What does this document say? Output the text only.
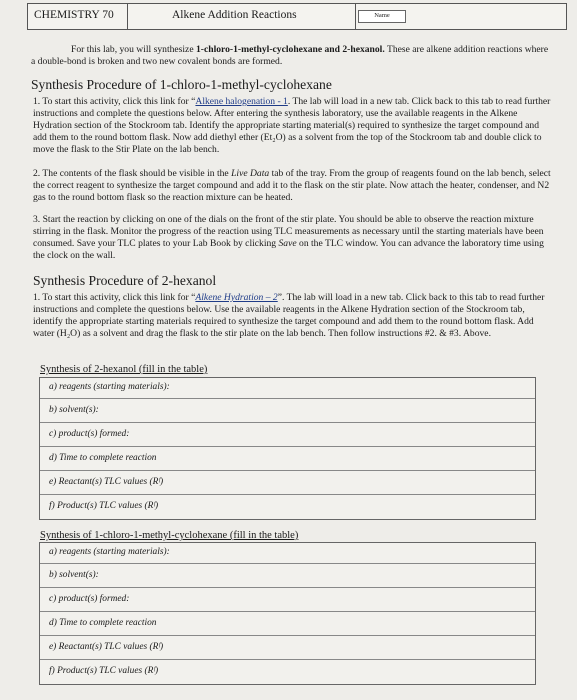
CHEMISTRY 70	Alkene Addition Reactions	Name

For this lab, you will synthesize 1-chloro-1-methyl-cyclohexane and 2-hexanol. These are alkene addition reactions where a double-bond is broken and two new covalent bonds are formed.

Synthesis Procedure of 1-chloro-1-methyl-cyclohexane
1. To start this activity, click this link for “Alkene halogenation - 1. The lab will load in a new tab. Click back to this tab to read further instructions and complete the questions below. After entering the synthesis laboratory, use the available reagents in the Alkene Hydration section of the Stockroom tab. Identify the appropriate starting material(s) required to synthesize the target compound and add them to the round bottom flask. Now add diethyl ether (Et₂O) as a solvent from the top of the Stockroom tab and double click to move the flask to the Stir Plate on the lab bench.
2. The contents of the flask should be visible in the Live Data tab of the tray. From the group of reagents found on the lab bench, select the correct reagent to synthesize the target compound and add it to the flask on the stir plate. Now attach the heater, condenser, and N2 gas to the round bottom flask so the reaction mixture can be heated.
3. Start the reaction by clicking on one of the dials on the front of the stir plate. You should be able to observe the reaction mixture stirring in the flask. Monitor the progress of the reaction using TLC measurements as necessary until the starting materials have been consumed. Save your TLC plates to your Lab Book by clicking Save on the TLC window. You can advance the laboratory time using the clock on the wall.
Synthesis Procedure of 2-hexanol
1. To start this activity, click this link for “Alkene Hydration – 2”. The lab will load in a new tab. Click back to this tab to read further instructions and complete the questions below. Use the available reagents in the Alkene Hydration section of the Stockroom tab, identify the appropriate starting materials required to synthesize the target compound and add them to the round bottom flask. Add water (H₂O) as a solvent and drag the flask to the stir plate on the lab bench. Then follow instructions #2. & #3. Above.
Synthesis of 2-hexanol (fill in the table)
a) reagents (starting materials):
b) solvent(s):
c) product(s) formed:
d) Time to complete reaction
e) Reactant(s) TLC values (Rᶠ)
f) Product(s) TLC values (Rᶠ)
Synthesis of 1-chloro-1-methyl-cyclohexane (fill in the table)
a) reagents (starting materials):
b) solvent(s):
c) product(s) formed:
d) Time to complete reaction
e) Reactant(s) TLC values (Rᶠ)
f) Product(s) TLC values (Rᶠ)
